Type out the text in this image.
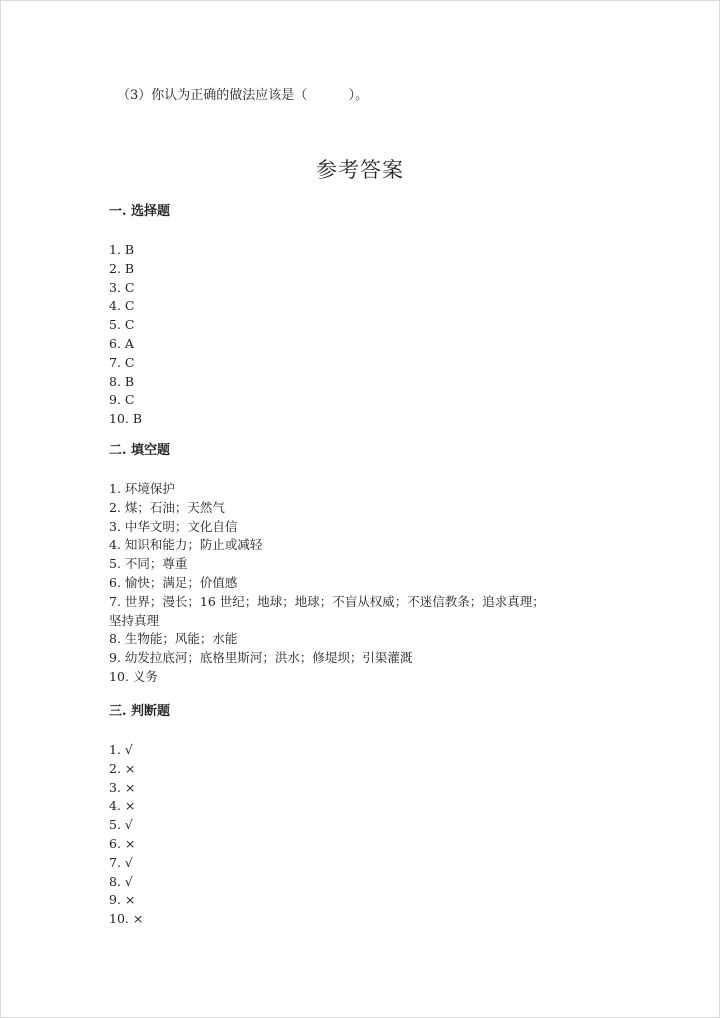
（3）你认为正确的做法应该是（          ）。
参考答案
一. 选择题
1. B
2. B
3. C
4. C
5. C
6. A
7. C
8. B
9. C
10. B
二. 填空题
1. 环境保护
2. 煤；石油；天然气
3. 中华文明；文化自信
4. 知识和能力；防止或减轻
5. 不同；尊重
6. 愉快；满足；价值感
7. 世界；漫长；16 世纪；地球；地球；不盲从权威；不迷信教条；追求真理；
坚持真理
8. 生物能；风能；水能
9. 幼发拉底河；底格里斯河；洪水；修堤坝；引渠灌溉
10. 义务
三. 判断题
1. √
2. ×
3. ×
4. ×
5. √
6. ×
7. √
8. √
9. ×
10. ×
